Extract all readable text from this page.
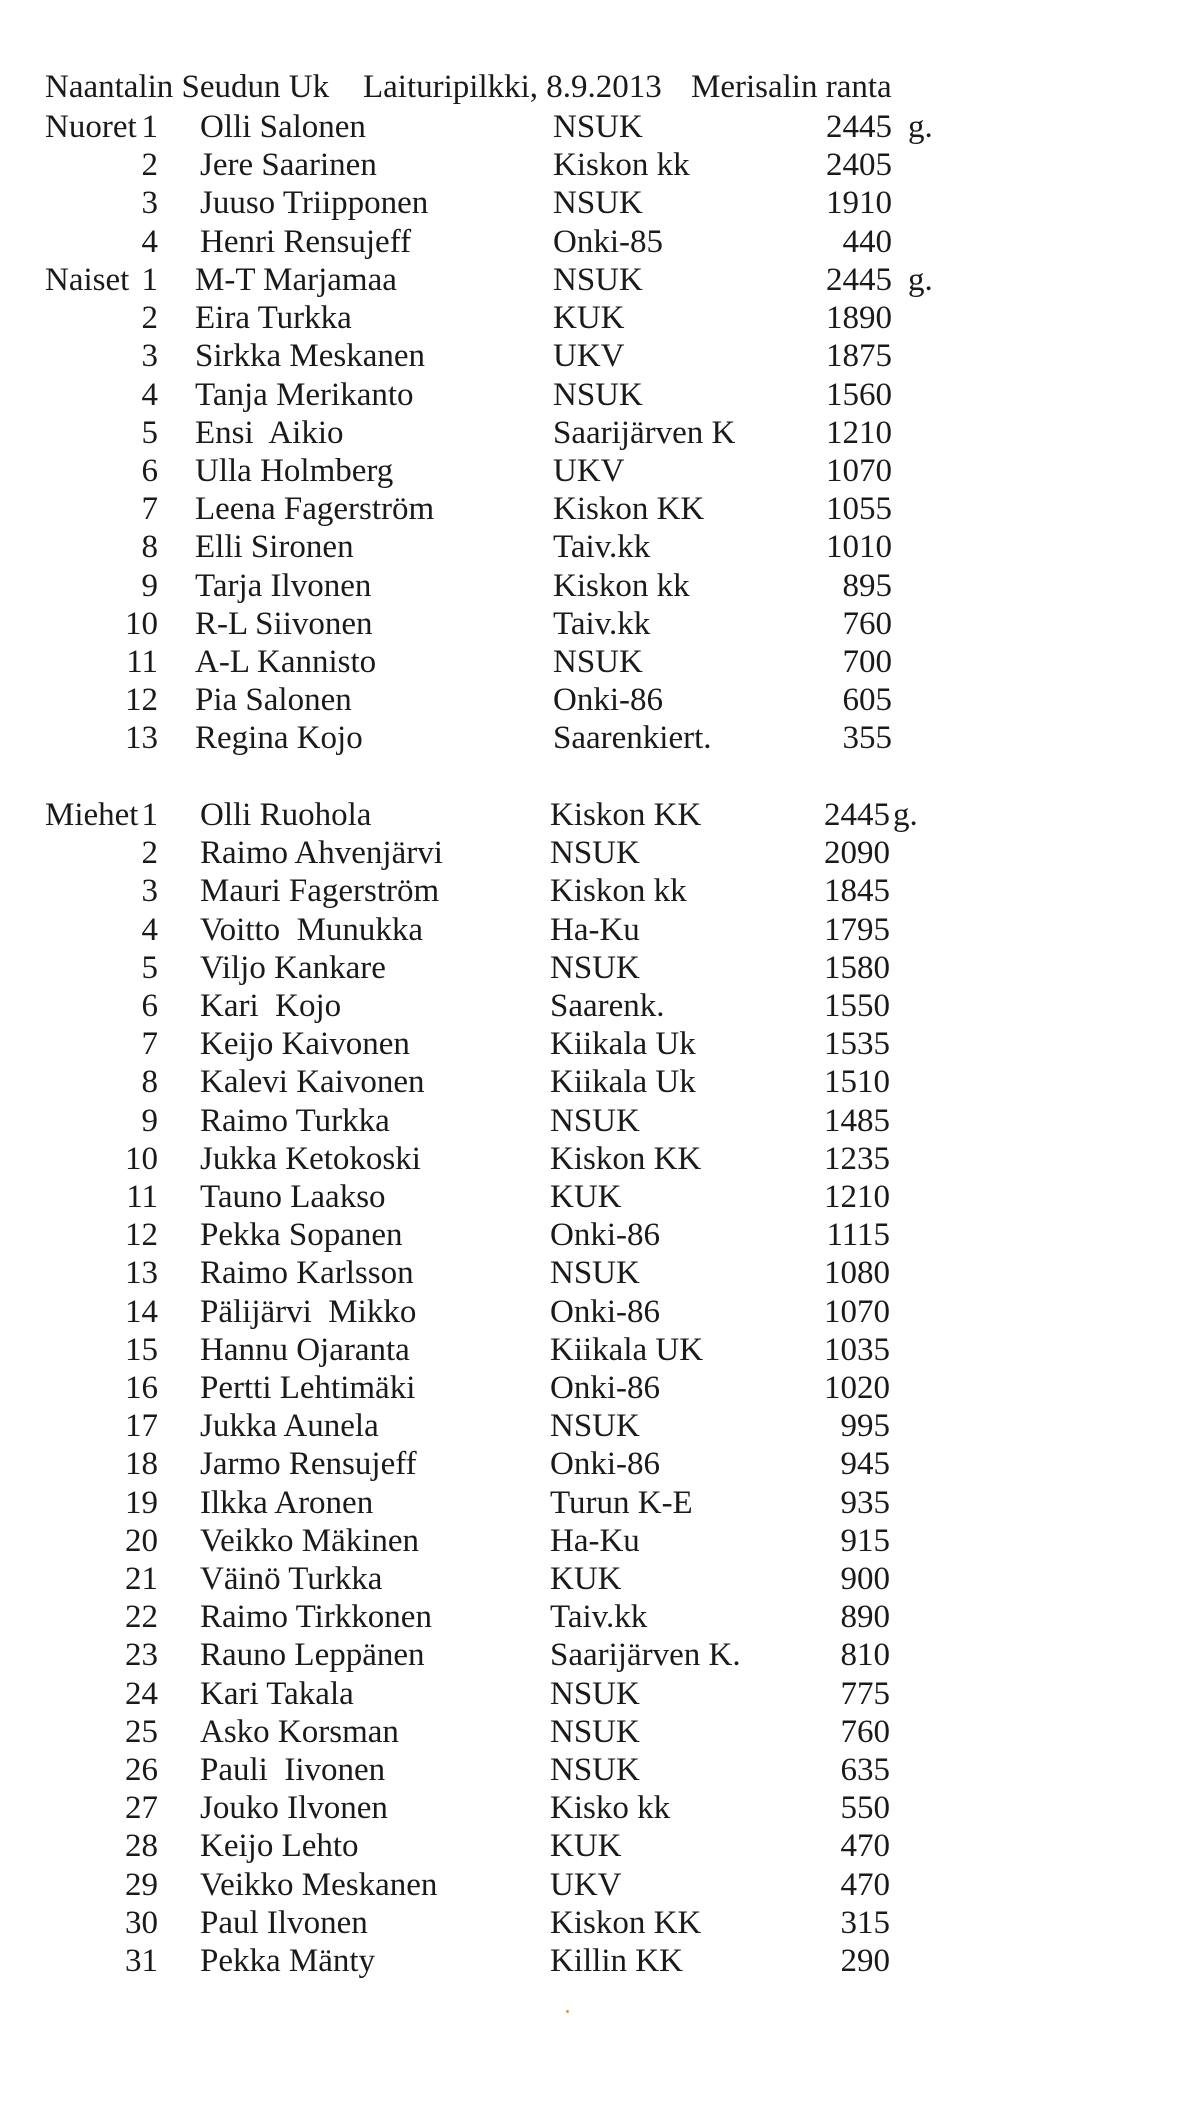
Naantalin Seudun Uk Laituripilkki, 8.9.2013 Merisalin ranta
Nuoret 1 Olli Salonen	NSUK	2445 g.
2 Jere Saarinen	Kiskon kk	2405
3 Juuso Triipponen	NSUK	1910
4 Henri Rensujeff	Onki-85	440
Naiset 1 M-T Marjamaa	NSUK	2445 g.
2 Eira Turkka	KUK	1890
3 Sirkka Meskanen	UKV	1875
4 Tanja Merikanto	NSUK	1560
5 Ensi  Aikio	Saarijärven K	1210
6 Ulla Holmberg	UKV	1070
7 Leena Fagerström	Kiskon KK	1055
8 Elli Sironen	Taiv.kk	1010
9 Tarja Ilvonen	Kiskon kk	895
10 R-L Siivonen	Taiv.kk	760
11 A-L Kannisto	NSUK	700
12 Pia Salonen	Onki-86	605
13 Regina Kojo	Saarenkiert.	355
Miehet 1 Olli Ruohola	Kiskon KK	2445 g.
2 Raimo Ahvenjärvi	NSUK	2090
3 Mauri Fagerström	Kiskon kk	1845
4 Voitto  Munukka	Ha-Ku	1795
5 Viljo Kankare	NSUK	1580
6 Kari  Kojo	Saarenk.	1550
7 Keijo Kaivonen	Kiikala Uk	1535
8 Kalevi Kaivonen	Kiikala Uk	1510
9 Raimo Turkka	NSUK	1485
10 Jukka Ketokoski	Kiskon KK	1235
11 Tauno Laakso	KUK	1210
12 Pekka Sopanen	Onki-86	1115
13 Raimo Karlsson	NSUK	1080
14 Pälijärvi  Mikko	Onki-86	1070
15 Hannu Ojaranta	Kiikala UK	1035
16 Pertti Lehtimäki	Onki-86	1020
17 Jukka Aunela	NSUK	995
18 Jarmo Rensujeff	Onki-86	945
19 Ilkka Aronen	Turun K-E	935
20 Veikko Mäkinen	Ha-Ku	915
21 Väinö Turkka	KUK	900
22 Raimo Tirkkonen	Taiv.kk	890
23 Rauno Leppänen	Saarijärven K.	810
24 Kari Takala	NSUK	775
25 Asko Korsman	NSUK	760
26 Pauli  Iivonen	NSUK	635
27 Jouko Ilvonen	Kisko kk	550
28 Keijo Lehto	KUK	470
29 Veikko Meskanen	UKV	470
30 Paul Ilvonen	Kiskon KK	315
31 Pekka Mänty	Killin KK	290
